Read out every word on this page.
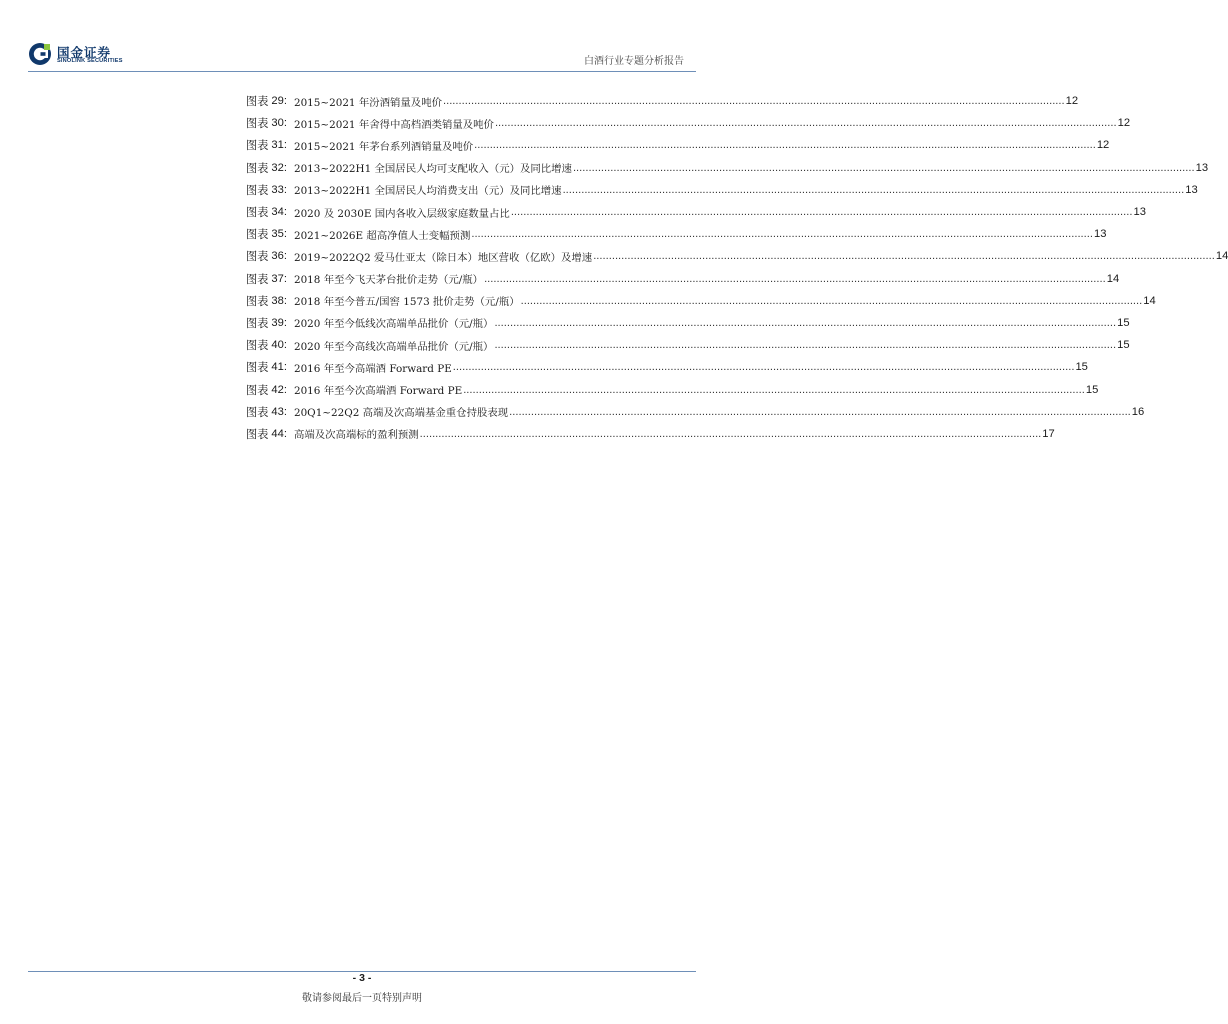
国金证券
SINOLINK SECURITIES	白酒行业专题分析报告
图表 29 : 2015~2021 年汾酒销量及吨价 ........................................................................................................................................................................................................ 12
图表 30 : 2015~2021 年舍得中高档酒类销量及吨价 ........................................................................................................................................................................................................ 12
图表 31 : 2015~2021 年茅台系列酒销量及吨价 ........................................................................................................................................................................................................ 12
图表 32 : 2013~2022H1 全国居民人均可支配收入（元）及同比增速 ........................................................................................................................................................................................................ 13
图表 33 : 2013~2022H1 全国居民人均消费支出（元）及同比增速 ........................................................................................................................................................................................................ 13
图表 34 : 2020 及 2030E 国内各收入层级家庭数量占比 ........................................................................................................................................................................................................ 13
图表 35 : 2021~2026E 超高净值人士变幅预测 ........................................................................................................................................................................................................ 13
图表 36 : 2019~2022Q2 爱马仕亚太（除日本）地区营收（亿欧）及增速 ........................................................................................................................................................................................................ 14
图表 37 : 2018 年至今飞天茅台批价走势（元/瓶） ........................................................................................................................................................................................................ 14
图表 38 : 2018 年至今普五/国窖 1573 批价走势（元/瓶） ........................................................................................................................................................................................................ 14
图表 39 : 2020 年至今低线次高端单品批价（元/瓶） ........................................................................................................................................................................................................ 15
图表 40 : 2020 年至今高线次高端单品批价（元/瓶） ........................................................................................................................................................................................................ 15
图表 41 : 2016 年至今高端酒 Forward PE ........................................................................................................................................................................................................ 15
图表 42 : 2016 年至今次高端酒 Forward PE ........................................................................................................................................................................................................ 15
图表 43 : 20Q1~22Q2 高端及次高端基金重仓持股表现 ........................................................................................................................................................................................................ 16
图表 44 : 高端及次高端标的盈利预测 ........................................................................................................................................................................................................ 17
- 3 -
敬请参阅最后一页特别声明
